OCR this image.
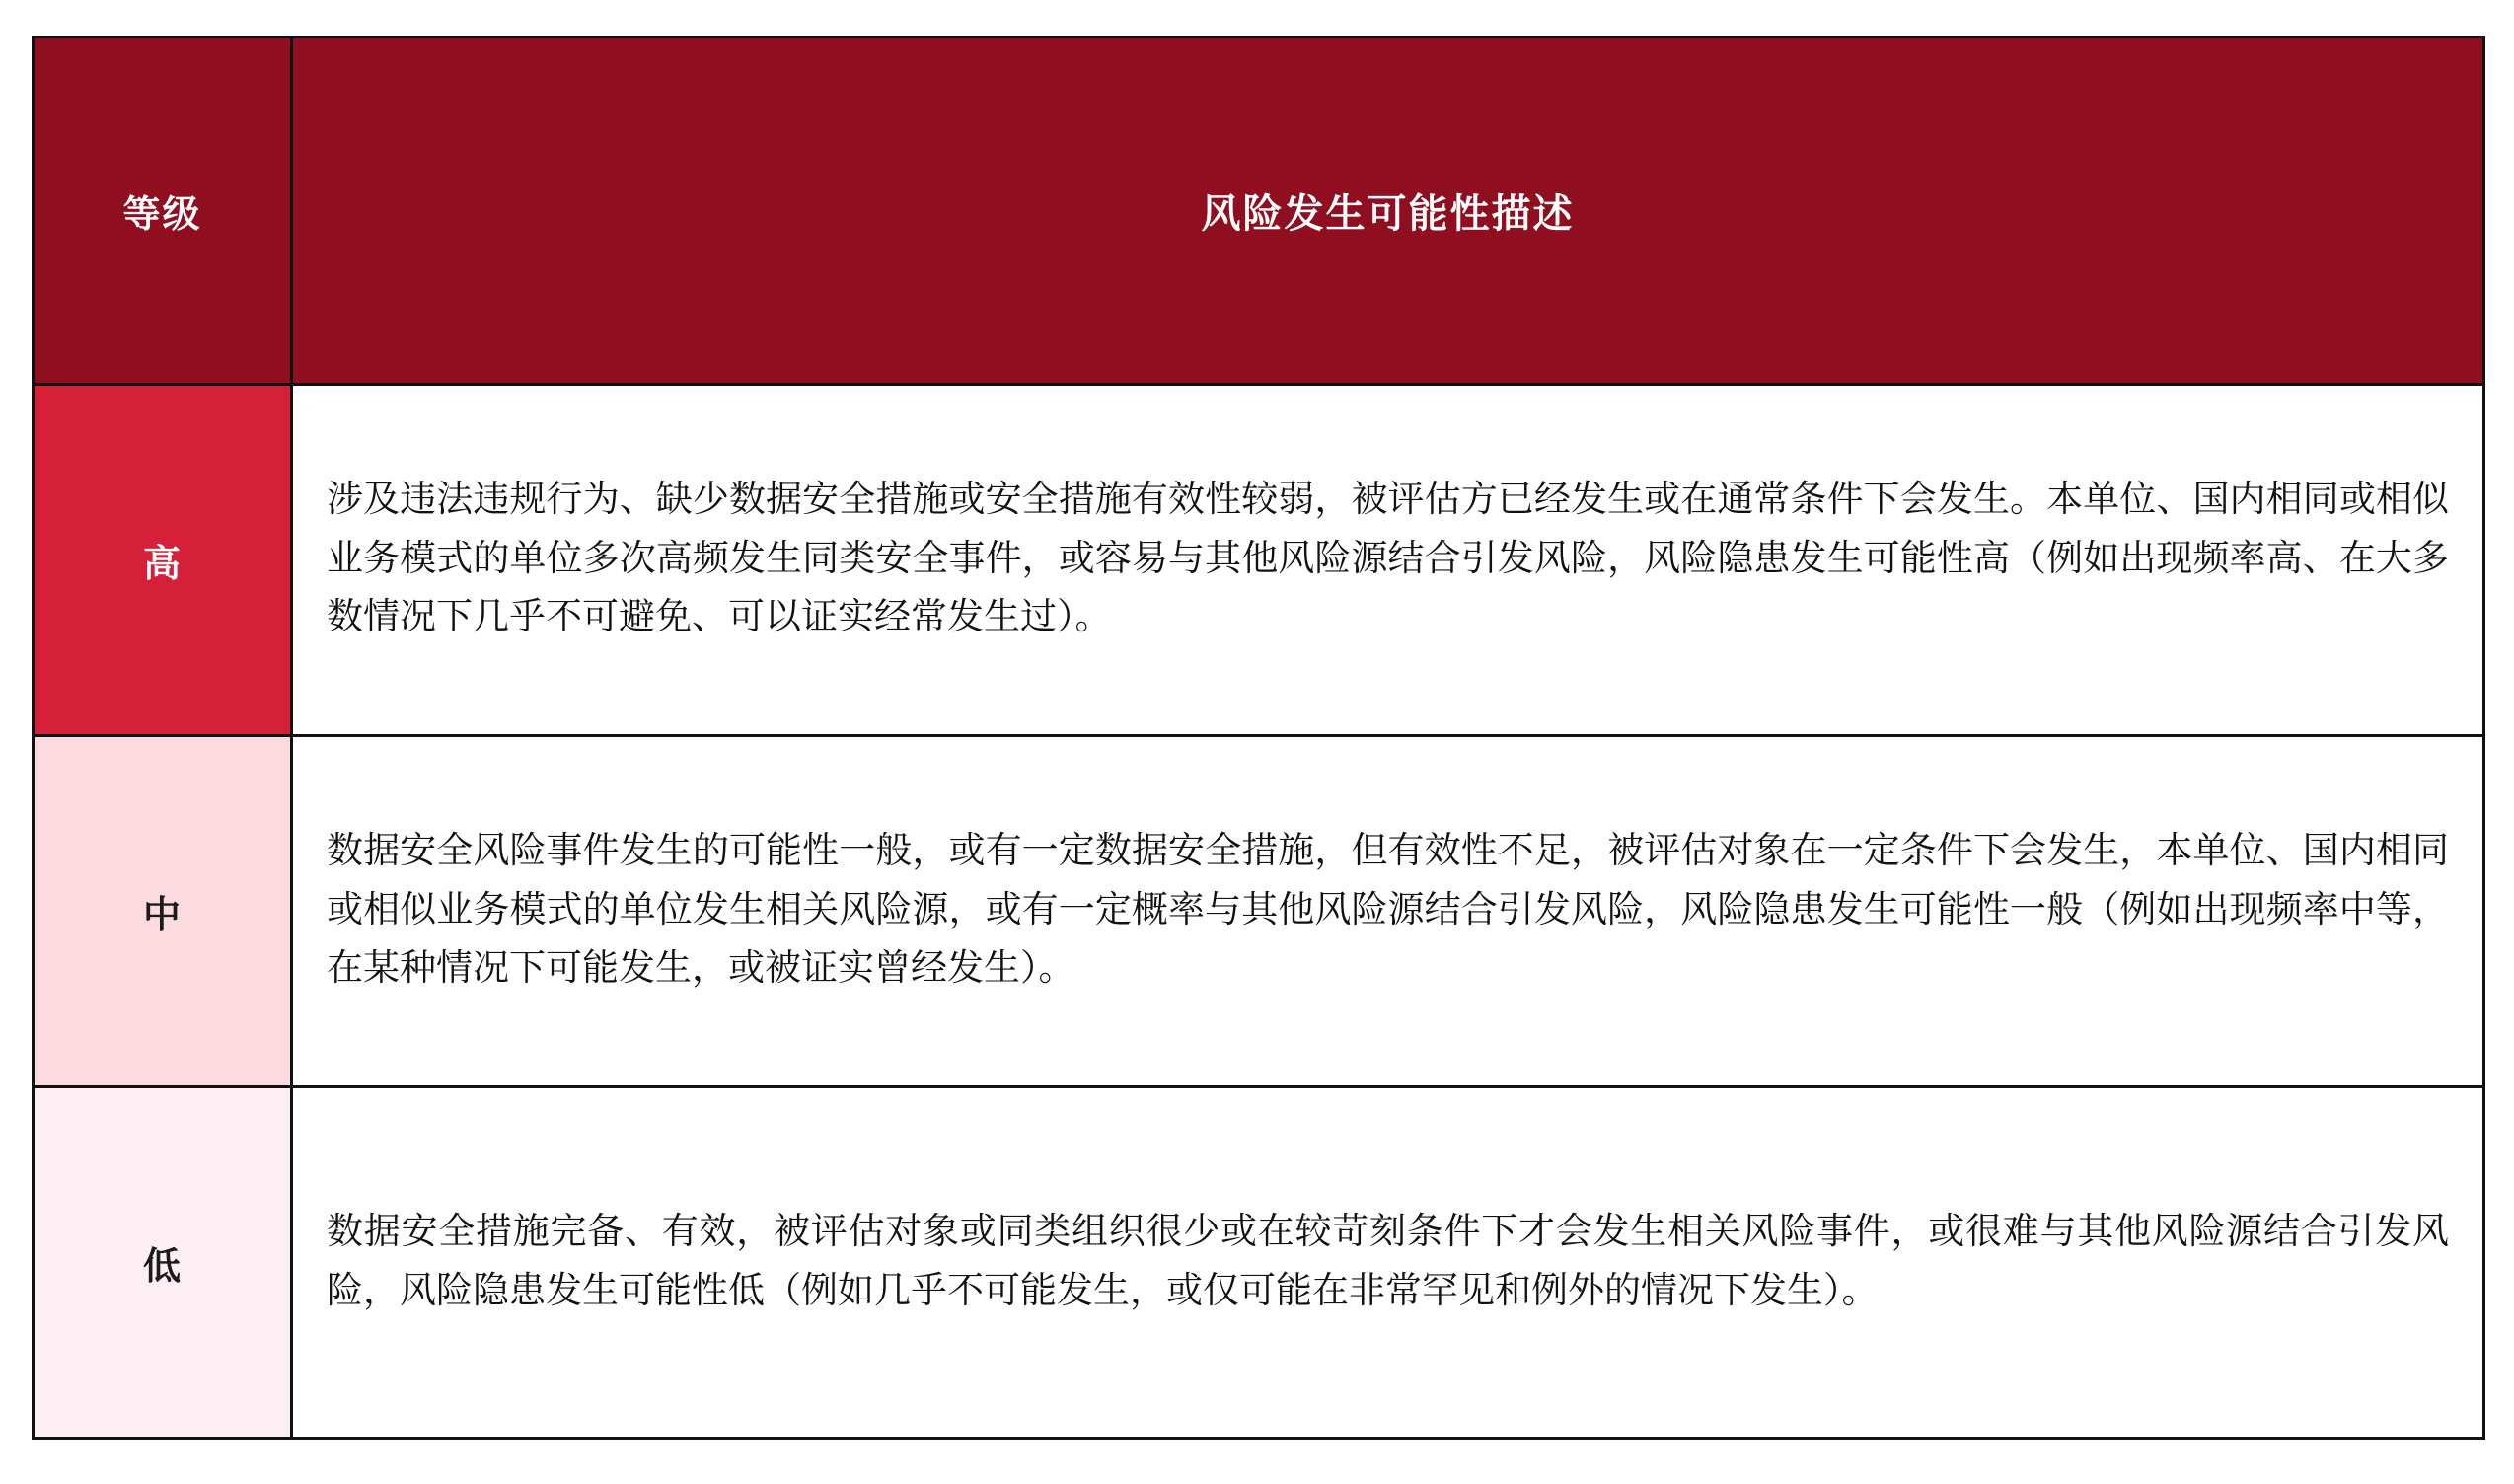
等级	风险发生可能性描述
高	涉及违法违规行为、缺少数据安全措施或安全措施有效性较弱，被评估方已经发生或在通常条件下会发生。本单位、国内相同或相似业务模式的单位多次高频发生同类安全事件，或容易与其他风险源结合引发风险，风险隐患发生可能性高（例如出现频率高、在大多数情况下几乎不可避免、可以证实经常发生过）。

中	数据安全风险事件发生的可能性一般，或有一定数据安全措施，但有效性不足，被评估对象在一定条件下会发生，本单位、国内相同或相似业务模式的单位发生相关风险源，或有一定概率与其他风险源结合引发风险，风险隐患发生可能性一般（例如出现频率中等，在某种情况下可能发生，或被证实曾经发生）。

低	数据安全措施完备、有效，被评估对象或同类组织很少或在较苛刻条件下才会发生相关风险事件，或很难与其他风险源结合引发风险，风险隐患发生可能性低（例如几乎不可能发生，或仅可能在非常罕见和例外的情况下发生）。
